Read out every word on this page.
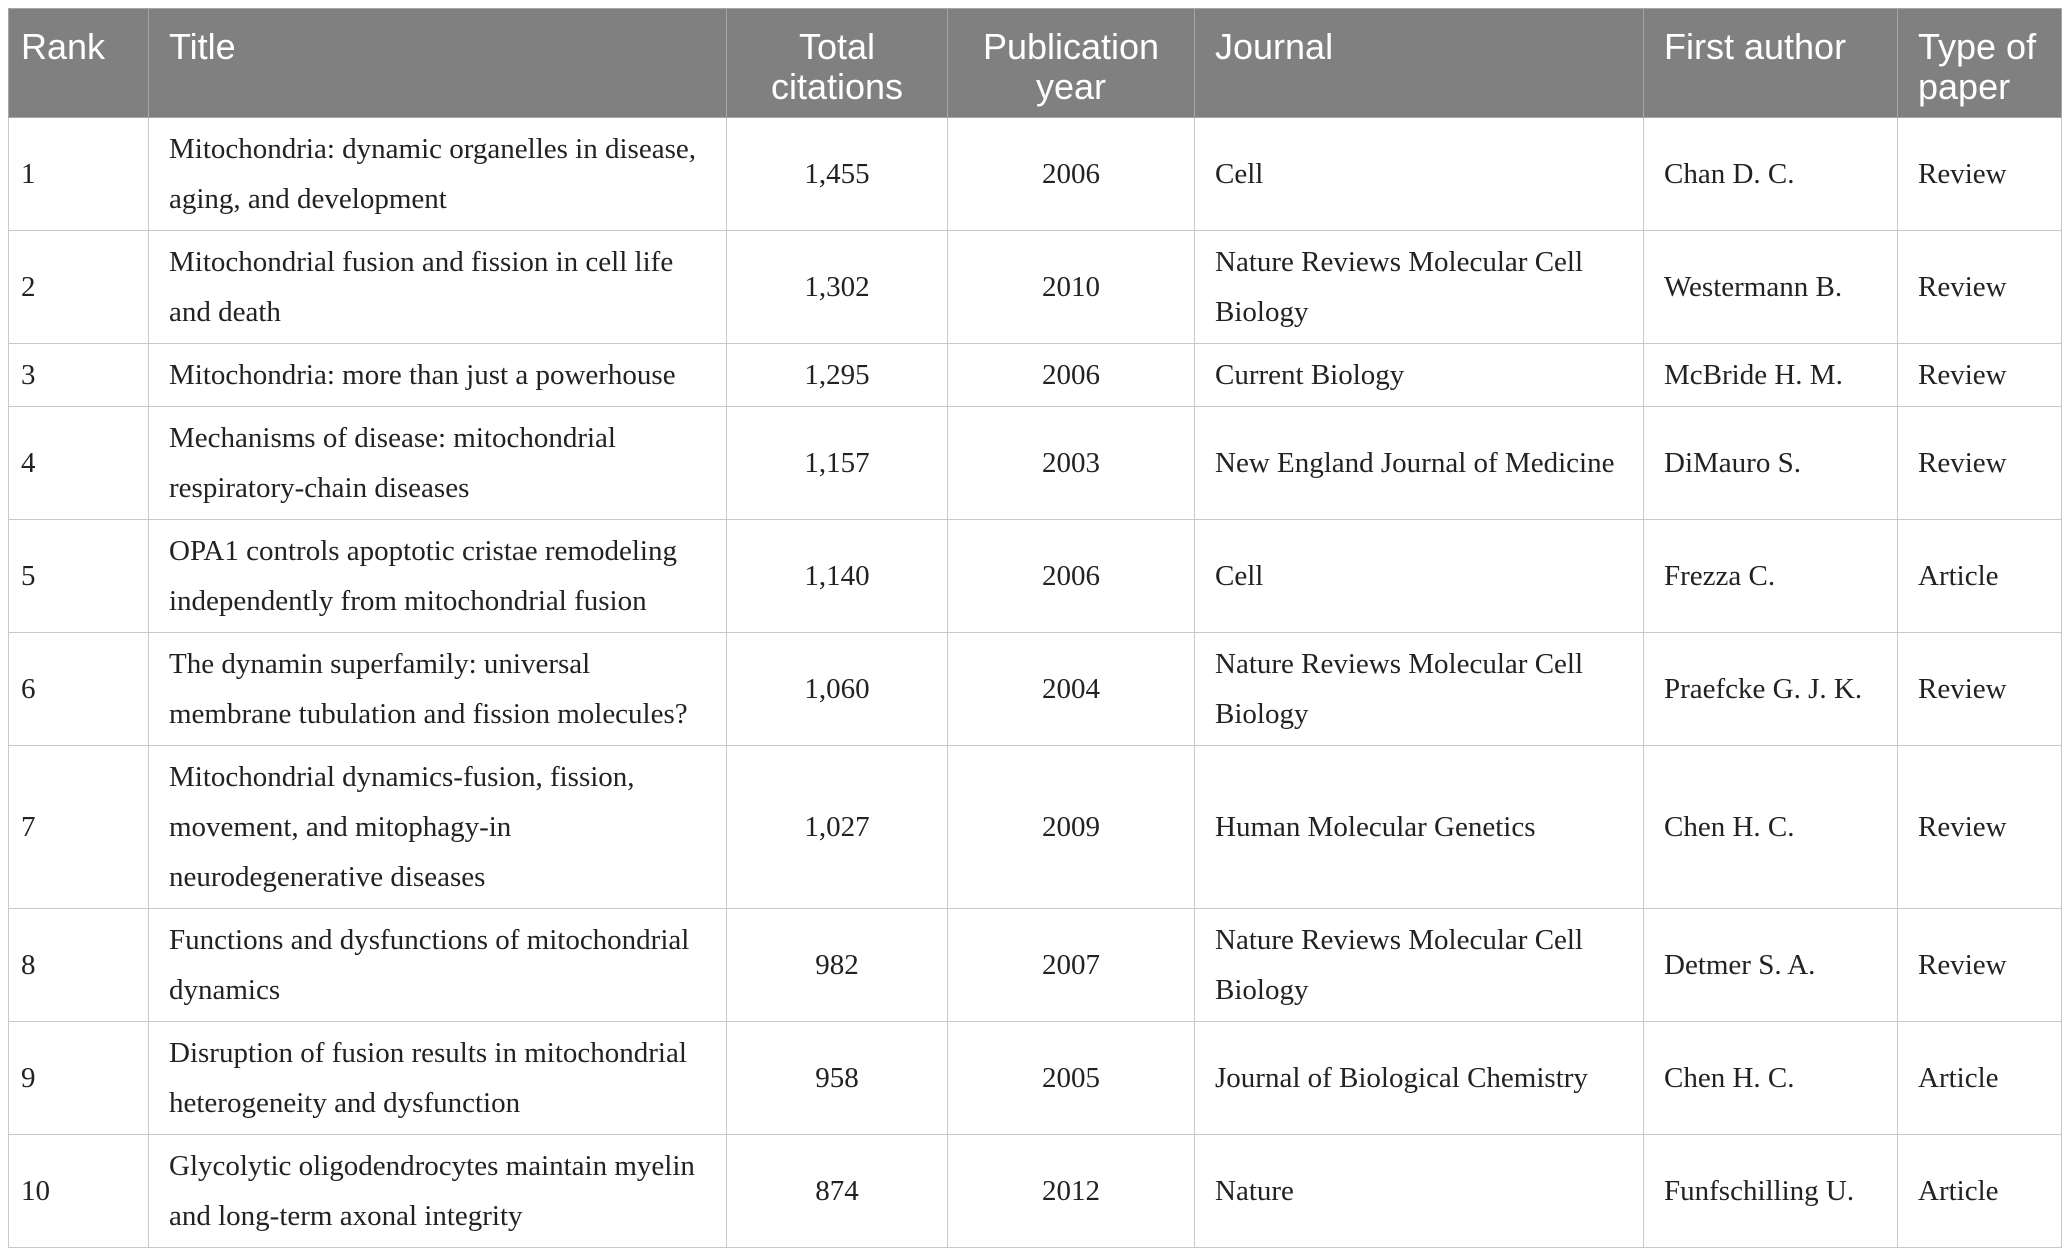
Rank	Title	Total citations	Publication year	Journal	First author	Type of paper
1	Mitochondria: dynamic organelles in disease, aging, and development	1,455	2006	Cell	Chan D. C.	Review
2	Mitochondrial fusion and fission in cell life and death	1,302	2010	Nature Reviews Molecular Cell Biology	Westermann B.	Review
3	Mitochondria: more than just a powerhouse	1,295	2006	Current Biology	McBride H. M.	Review
4	Mechanisms of disease: mitochondrial respiratory-chain diseases	1,157	2003	New England Journal of Medicine	DiMauro S.	Review
5	OPA1 controls apoptotic cristae remodeling independently from mitochondrial fusion	1,140	2006	Cell	Frezza C.	Article
6	The dynamin superfamily: universal membrane tubulation and fission molecules?	1,060	2004	Nature Reviews Molecular Cell Biology	Praefcke G. J. K.	Review
7	Mitochondrial dynamics-fusion, fission, movement, and mitophagy-in neurodegenerative diseases	1,027	2009	Human Molecular Genetics	Chen H. C.	Review
8	Functions and dysfunctions of mitochondrial dynamics	982	2007	Nature Reviews Molecular Cell Biology	Detmer S. A.	Review
9	Disruption of fusion results in mitochondrial heterogeneity and dysfunction	958	2005	Journal of Biological Chemistry	Chen H. C.	Article
10	Glycolytic oligodendrocytes maintain myelin and long-term axonal integrity	874	2012	Nature	Funfschilling U.	Article
